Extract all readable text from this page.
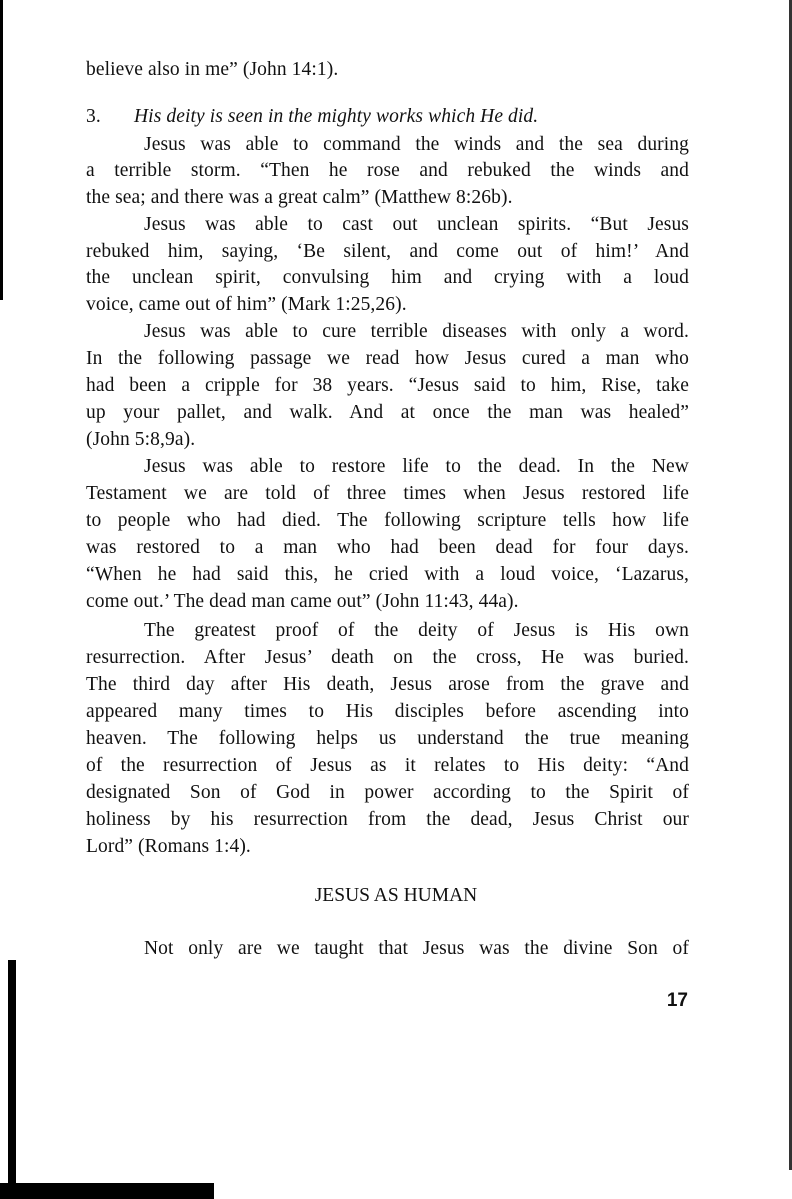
believe also in me” (John 14:1).
3. His deity is seen in the mighty works which He did.
Jesus was able to command the winds and the sea during
a terrible storm. “Then he rose and rebuked the winds and
the sea; and there was a great calm” (Matthew 8:26b).
Jesus was able to cast out unclean spirits. “But Jesus
rebuked him, saying, ‘Be silent, and come out of him!’ And
the unclean spirit, convulsing him and crying with a loud
voice, came out of him” (Mark 1:25,26).
Jesus was able to cure terrible diseases with only a word.
In the following passage we read how Jesus cured a man who
had been a cripple for 38 years. “Jesus said to him, Rise, take
up your pallet, and walk. And at once the man was healed”
(John 5:8,9a).
Jesus was able to restore life to the dead. In the New
Testament we are told of three times when Jesus restored life
to people who had died. The following scripture tells how life
was restored to a man who had been dead for four days.
“When he had said this, he cried with a loud voice, ‘Lazarus,
come out.’ The dead man came out” (John 11:43, 44a).
The greatest proof of the deity of Jesus is His own
resurrection. After Jesus’ death on the cross, He was buried.
The third day after His death, Jesus arose from the grave and
appeared many times to His disciples before ascending into
heaven. The following helps us understand the true meaning
of the resurrection of Jesus as it relates to His deity: “And
designated Son of God in power according to the Spirit of
holiness by his resurrection from the dead, Jesus Christ our
Lord” (Romans 1:4).
Not only are we taught that Jesus was the divine Son of
JESUS AS HUMAN
17
